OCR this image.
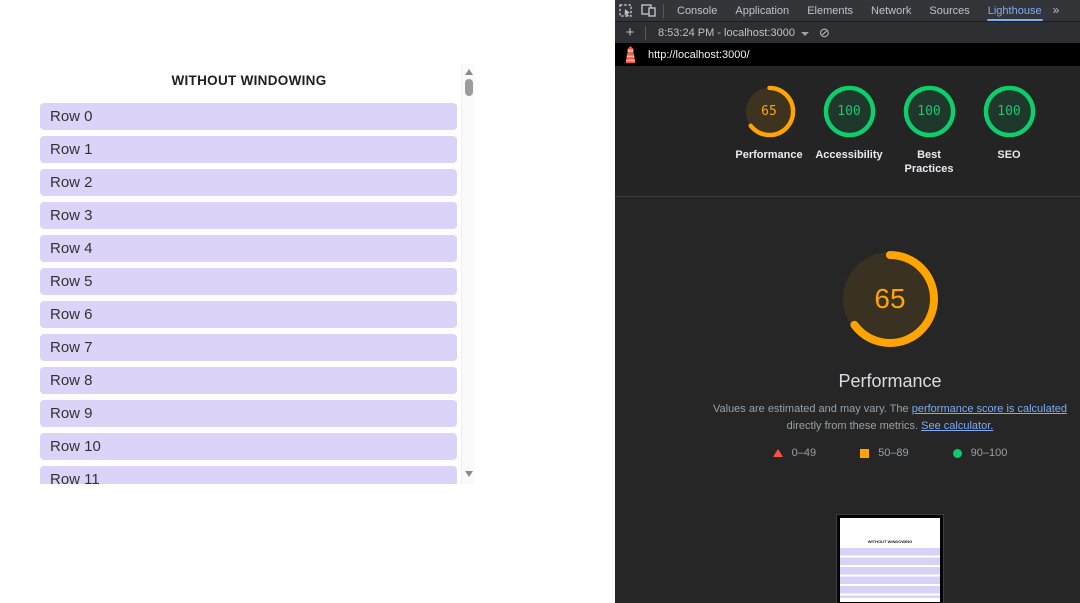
WITHOUT WINDOWING
Row 0
Row 1
Row 2
Row 3
Row 4
Row 5
Row 6
Row 7
Row 8
Row 9
Row 10
Row 11
Console	Application	Elements	Network	Sources	Lighthouse »
+	8:53:24 PM - localhost:3000 ⊘
http://localhost:3000/
65
Performance
100
Accessibility
100
Best Practices
100
SEO
65
Performance
Values are estimated and may vary. The performance score is calculated directly from these metrics. See calculator.
0–49	50–89	90–100
WITHOUT WINDOWING
